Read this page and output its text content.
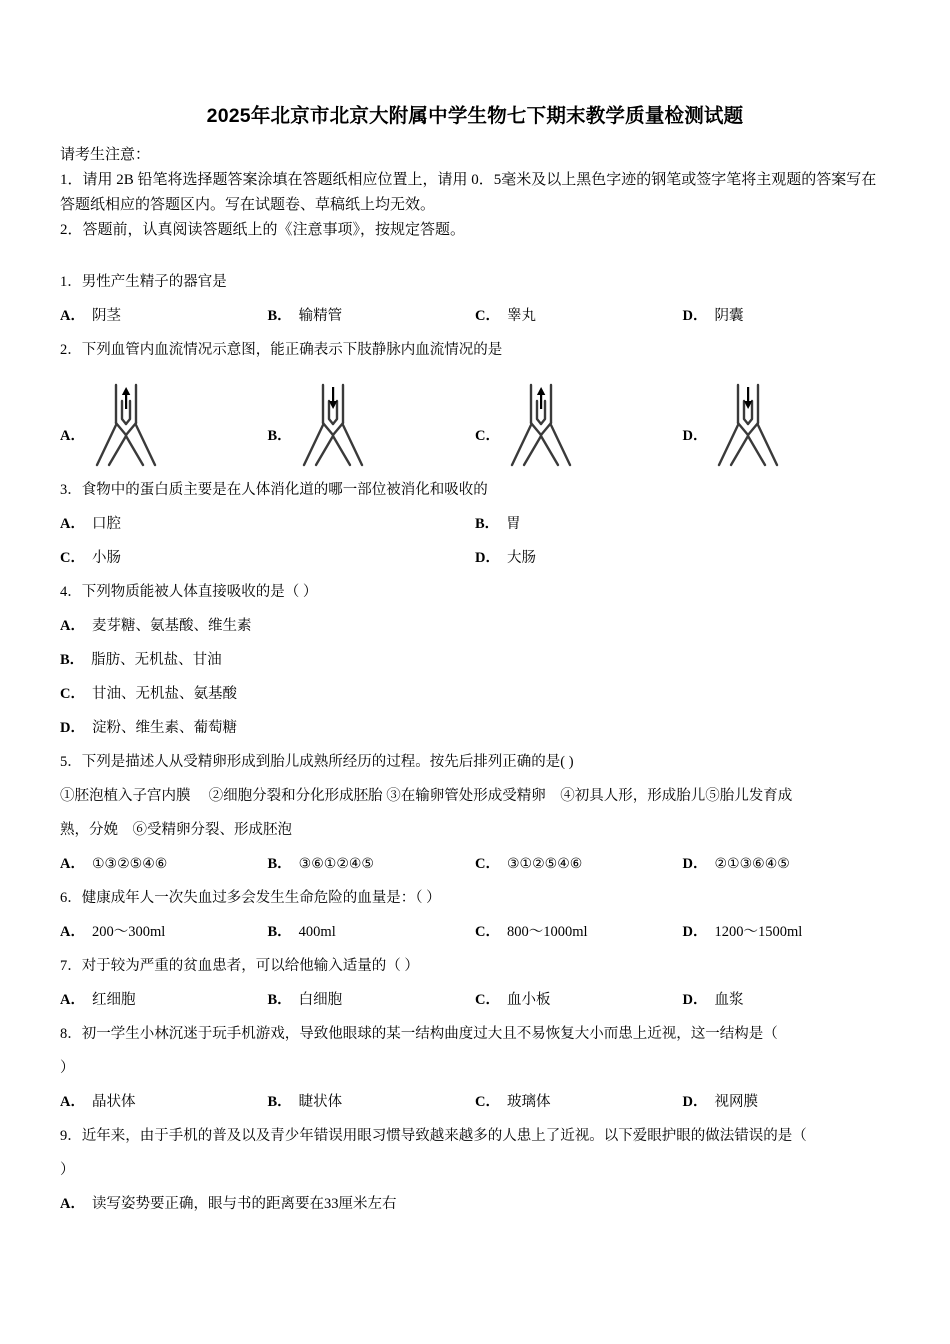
2025年北京市北京大附属中学生物七下期末教学质量检测试题
请考生注意：
1．请用 2B 铅笔将选择题答案涂填在答题纸相应位置上，请用 0．5毫米及以上黑色字迹的钢笔或签字笔将主观题的答案写在答题纸相应的答题区内。写在试题卷、草稿纸上均无效。
2．答题前，认真阅读答题纸上的《注意事项》，按规定答题。
1．男性产生精子的器官是
A． 阴茎	B． 输精管	C． 睾丸	D． 阴囊
2．下列血管内血流情况示意图，能正确表示下肢静脉内血流情况的是
A．	B．	C．	D．
3．食物中的蛋白质主要是在人体消化道的哪一部位被消化和吸收的
A． 口腔	B． 胃
C． 小肠	D． 大肠
4．下列物质能被人体直接吸收的是（ ）
A． 麦芽糖、氨基酸、维生素
B． 脂肪、无机盐、甘油
C． 甘油、无机盐、氨基酸
D． 淀粉、维生素、葡萄糖
5．下列是描述人从受精卵形成到胎儿成熟所经历的过程。按先后排列正确的是( )
①胚泡植入子宫内膜　 ②细胞分裂和分化形成胚胎 ③在输卵管处形成受精卵　④初具人形，形成胎儿⑤胎儿发育成
熟，分娩　⑥受精卵分裂、形成胚泡
A． ①③②⑤④⑥	B． ③⑥①②④⑤	C． ③①②⑤④⑥	D． ②①③⑥④⑤
6．健康成年人一次失血过多会发生生命危险的血量是：（ ）
A． 200～300ml	B． 400ml	C． 800～1000ml	D． 1200～1500ml
7．对于较为严重的贫血患者，可以给他输入适量的（ ）
A． 红细胞	B． 白细胞	C． 血小板	D． 血浆
8．初一学生小林沉迷于玩手机游戏，导致他眼球的某一结构曲度过大且不易恢复大小而患上近视，这一结构是（
）
A． 晶状体	B． 睫状体	C． 玻璃体	D． 视网膜
9．近年来，由于手机的普及以及青少年错误用眼习惯导致越来越多的人患上了近视。以下爱眼护眼的做法错误的是（
）
A． 读写姿势要正确，眼与书的距离要在33厘米左右
